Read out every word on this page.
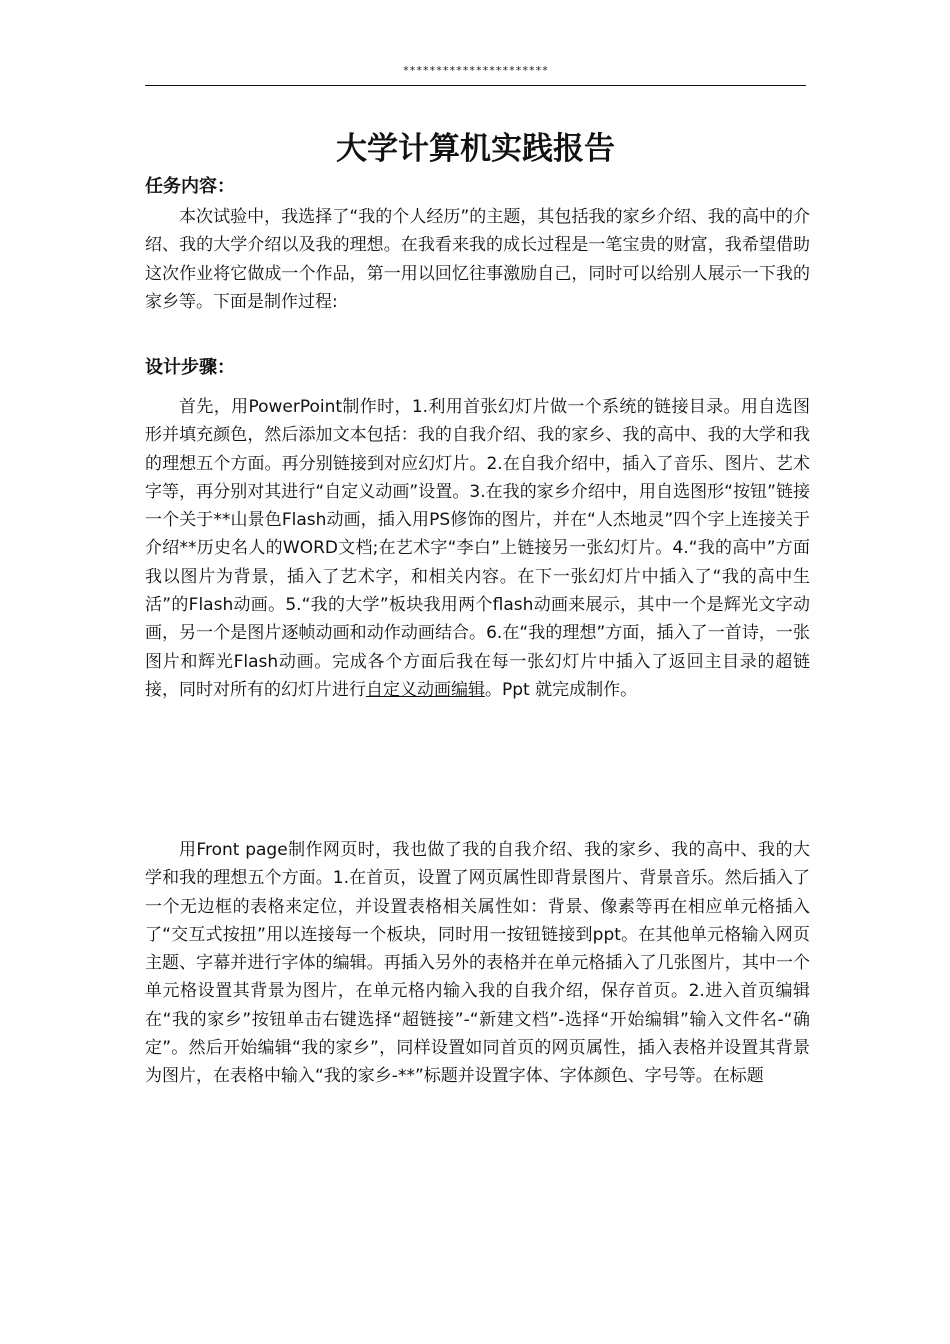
**********************
大学计算机实践报告
任务内容：

本次试验中，我选择了“我的个人经历”的主题，其包括我的家乡介绍、我的高中的介绍、我的大学介绍以及我的理想。在我看来我的成长过程是一笔宝贵的财富，我希望借助这次作业将它做成一个作品，第一用以回忆往事激励自己，同时可以给别人展示一下我的家乡等。下面是制作过程:

设计步骤：

首先，用PowerPoint制作时，1.利用首张幻灯片做一个系统的链接目录。用自选图形并填充颜色，然后添加文本包括：我的自我介绍、我的家乡、我的高中、我的大学和我的理想五个方面。再分别链接到对应幻灯片。2.在自我介绍中，插入了音乐、图片、艺术字等，再分别对其进行“自定义动画”设置。3.在我的家乡介绍中，用自选图形“按钮”链接一个关于**山景色Flash动画，插入用PS修饰的图片，并在“人杰地灵”四个字上连接关于介绍**历史名人的WORD文档;在艺术字“李白”上链接另一张幻灯片。4.“我的高中”方面我以图片为背景，插入了艺术字，和相关内容。在下一张幻灯片中插入了“我的高中生活”的Flash动画。5.“我的大学”板块我用两个flash动画来展示，其中一个是辉光文字动画，另一个是图片逐帧动画和动作动画结合。6.在“我的理想”方面，插入了一首诗，一张图片和辉光Flash动画。完成各个方面后我在每一张幻灯片中插入了返回主目录的超链接，同时对所有的幻灯片进行自定义动画编辑。Ppt 就完成制作。

用Front page制作网页时，我也做了我的自我介绍、我的家乡、我的高中、我的大学和我的理想五个方面。1.在首页，设置了网页属性即背景图片、背景音乐。然后插入了一个无边框的表格来定位，并设置表格相关属性如：背景、像素等再在相应单元格插入了“交互式按扭”用以连接每一个板块，同时用一按钮链接到ppt。在其他单元格输入网页主题、字幕并进行字体的编辑。再插入另外的表格并在单元格插入了几张图片，其中一个单元格设置其背景为图片，在单元格内输入我的自我介绍，保存首页。2.进入首页编辑在“我的家乡”按钮单击右键选择“超链接”-“新建文档”-选择“开始编辑”输入文件名-“确定”。然后开始编辑“我的家乡”，同样设置如同首页的网页属性，插入表格并设置其背景为图片，在表格中输入“我的家乡-**”标题并设置字体、字体颜色、字号等。在标题
